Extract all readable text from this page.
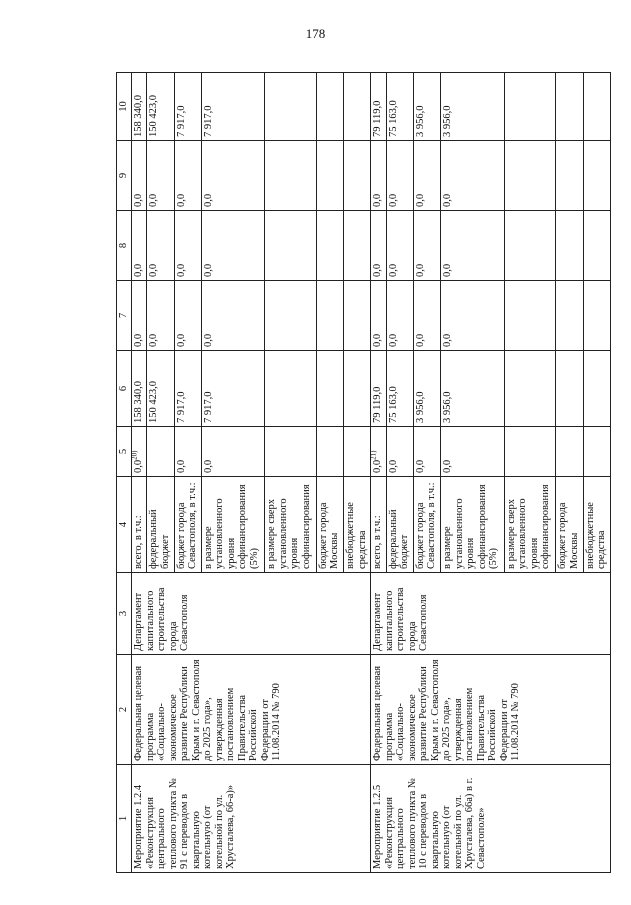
178
1	2	3	4	5	6	7	8	9	10
Мероприятие 1.2.4 «Реконструкция центрального теплового пункта № 91 с переводом в квартальную котельную (от котельной по ул. Хрусталева, 66-а)»	Федеральная целевая программа «Социально-экономическое развитие Республики Крым и г. Севастополя до 2025 года», утвержденная постановлением Правительства Российской Федерации от 11.08.2014 № 790	Департамент капитального строительства города Севастополя	всего, в т.ч.:	0,0$^{20)}$	158 340,0	0,0	0,0	0,0	158 340,0
			федеральный бюджет		150 423,0	0,0	0,0	0,0	150 423,0
			бюджет города Севастополя, в т.ч.:	0,0	7 917,0	0,0	0,0	0,0	7 917,0
			в размере установленного уровня софинансирования (5%)	0,0	7 917,0	0,0	0,0	0,0	7 917,0
			в размере сверх установленного уровня софинансирования						
			бюджет города Москвы						
			внебюджетные средства						
Мероприятие 1.2.5 «Реконструкция центрального теплового пункта № 10 с переводом в квартальную котельную (от котельной по ул. Хрусталева, 66а) в г. Севастополе»	Федеральная целевая программа «Социально-экономическое развитие Республики Крым и г. Севастополя до 2025 года», утвержденная постановлением Правительства Российской Федерации от 11.08.2014 № 790	Департамент капитального строительства города Севастополя	всего, в т.ч.:	0,0$^{21)}$	79 119,0	0,0	0,0	0,0	79 119,0
			федеральный бюджет	0,0	75 163,0	0,0	0,0	0,0	75 163,0
			бюджет города Севастополя, в т.ч.:	0,0	3 956,0	0,0	0,0	0,0	3 956,0
			в размере установленного уровня софинансирования (5%)	0,0	3 956,0	0,0	0,0	0,0	3 956,0
			в размере сверх установленного уровня софинансирования						
			бюджет города Москвы						
			внебюджетные средства						
